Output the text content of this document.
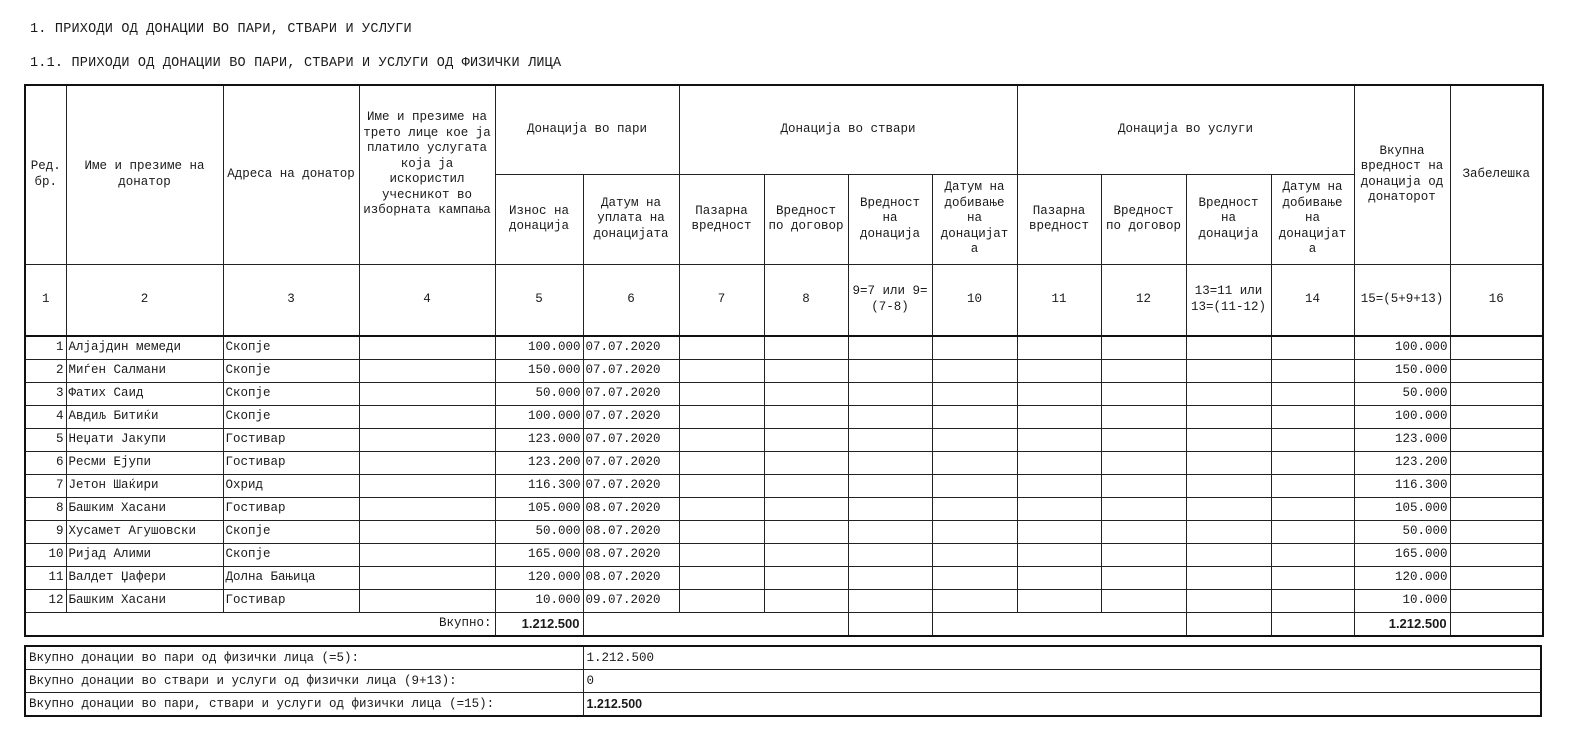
1. ПРИХОДИ ОД ДОНАЦИИ ВО ПАРИ, СТВАРИ И УСЛУГИ
1.1. ПРИХОДИ ОД ДОНАЦИИ ВО ПАРИ, СТВАРИ И УСЛУГИ ОД ФИЗИЧКИ ЛИЦА
Ред. бр.	Име и презиме на донатор	Адреса на донатор	Име и презиме на трето лице кое ја платило услугата која ја искористил учесникот во изборната кампања	Донација во пари		Донација во ствари				Донација во услуги				Вкупна вредност на донација од донаторот	Забелешка
				Износ на донација	Датум на уплата на донацијата	Пазарна вредност	Вредност по договор	Вредност на донација	Датум на добивање на донацијат а	Пазарна вредност	Вредност по договор	Вредност на донација	Датум на добивање на донацијат а		
1	2	3	4	5	6	7	8	9=7 или 9=(7-8)	10	11	12	13=11 или 13=(11-12)	14	15=(5+9+13)	16
1	Алјајдин мемеди	Скопје		100.000	07.07.2020									100.000	
2	Миѓен Салмани	Скопје		150.000	07.07.2020									150.000	
3	Фатих Саид	Скопје		50.000	07.07.2020									50.000	
4	Авдиљ Битиќи	Скопје		100.000	07.07.2020									100.000	
5	Неџати Јакупи	Гостивар		123.000	07.07.2020									123.000	
6	Ресми Ејупи	Гостивар		123.200	07.07.2020									123.200	
7	Јетон Шаќири	Охрид		116.300	07.07.2020									116.300	
8	Башким Хасани	Гостивар		105.000	08.07.2020									105.000	
9	Хусамет Агушовски	Скопје		50.000	08.07.2020									50.000	
10	Ријад Алими	Скопје		165.000	08.07.2020									165.000	
11	Валдет Џафери	Долна Бањица		120.000	08.07.2020									120.000	
12	Башким Хасани	Гостивар		10.000	09.07.2020									10.000	
Вкупно:				1.212.500										1.212.500	
Вкупно донации во пари од физички лица (=5):	1.212.500
Вкупно донации во ствари и услуги од физички лица (9+13):	0
Вкупно донации во пари, ствари и услуги од физички лица (=15):	1.212.500
